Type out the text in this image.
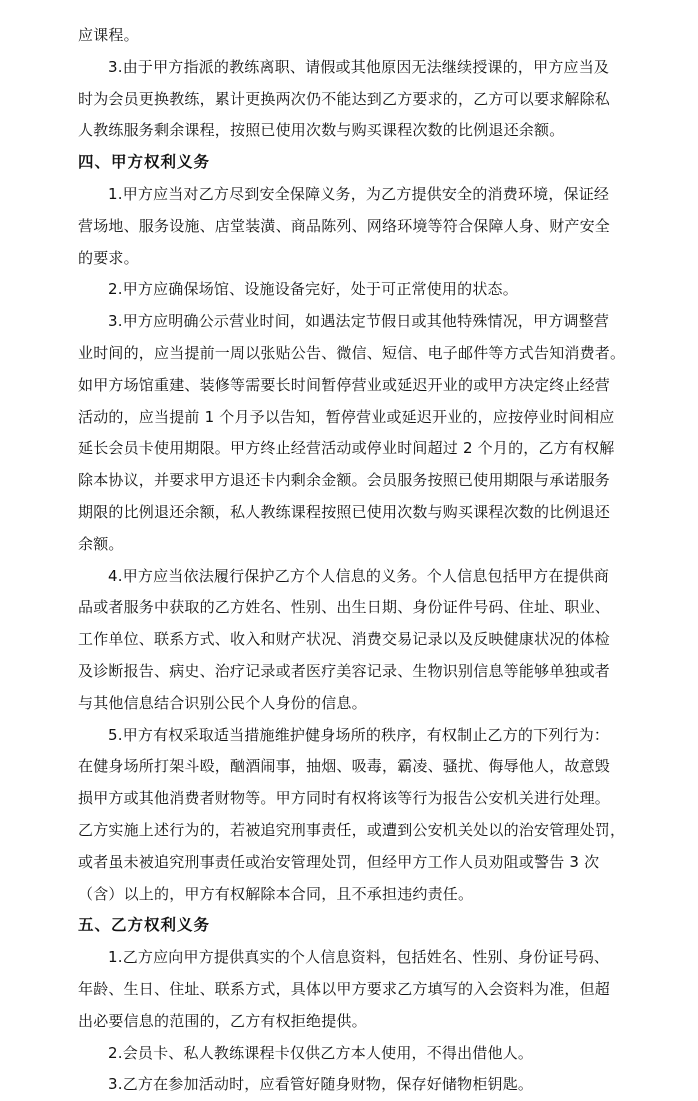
应课程。
3.由于甲方指派的教练离职、请假或其他原因无法继续授课的，甲方应当及
时为会员更换教练，累计更换两次仍不能达到乙方要求的，乙方可以要求解除私
人教练服务剩余课程，按照已使用次数与购买课程次数的比例退还余额。
四、甲方权利义务
1.甲方应当对乙方尽到安全保障义务，为乙方提供安全的消费环境，保证经
营场地、服务设施、店堂装潢、商品陈列、网络环境等符合保障人身、财产安全
的要求。
2.甲方应确保场馆、设施设备完好，处于可正常使用的状态。
3.甲方应明确公示营业时间，如遇法定节假日或其他特殊情况，甲方调整营
业时间的，应当提前一周以张贴公告、微信、短信、电子邮件等方式告知消费者。
如甲方场馆重建、装修等需要长时间暂停营业或延迟开业的或甲方决定终止经营
活动的，应当提前 1 个月予以告知，暂停营业或延迟开业的，应按停业时间相应
延长会员卡使用期限。甲方终止经营活动或停业时间超过 2 个月的，乙方有权解
除本协议，并要求甲方退还卡内剩余金额。会员服务按照已使用期限与承诺服务
期限的比例退还余额，私人教练课程按照已使用次数与购买课程次数的比例退还
余额。
4.甲方应当依法履行保护乙方个人信息的义务。个人信息包括甲方在提供商
品或者服务中获取的乙方姓名、性别、出生日期、身份证件号码、住址、职业、
工作单位、联系方式、收入和财产状况、消费交易记录以及反映健康状况的体检
及诊断报告、病史、治疗记录或者医疗美容记录、生物识别信息等能够单独或者
与其他信息结合识别公民个人身份的信息。
5.甲方有权采取适当措施维护健身场所的秩序，有权制止乙方的下列行为：
在健身场所打架斗殴，酗酒闹事，抽烟、吸毒，霸凌、骚扰、侮辱他人，故意毁
损甲方或其他消费者财物等。甲方同时有权将该等行为报告公安机关进行处理。
乙方实施上述行为的，若被追究刑事责任，或遭到公安机关处以的治安管理处罚，
或者虽未被追究刑事责任或治安管理处罚，但经甲方工作人员劝阻或警告 3 次
（含）以上的，甲方有权解除本合同，且不承担违约责任。
五、乙方权利义务
1.乙方应向甲方提供真实的个人信息资料，包括姓名、性别、身份证号码、
年龄、生日、住址、联系方式，具体以甲方要求乙方填写的入会资料为准，但超
出必要信息的范围的，乙方有权拒绝提供。
2.会员卡、私人教练课程卡仅供乙方本人使用，不得出借他人。
3.乙方在参加活动时，应看管好随身财物，保存好储物柜钥匙。
